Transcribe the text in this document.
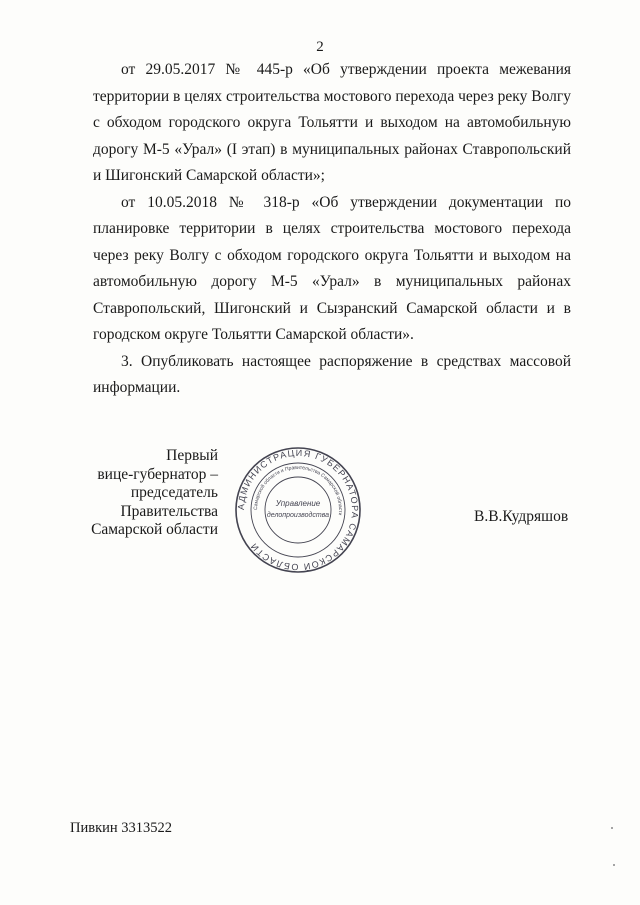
2

от 29.05.2017 № 445-р «Об утверждении проекта межевания территории в целях строительства мостового перехода через реку Волгу с обходом городского округа Тольятти и выходом на автомобильную дорогу М-5 «Урал» (I этап) в муниципальных районах Ставропольский и Шигонский Самарской области»;

от 10.05.2018 № 318-р «Об утверждении документации по планировке территории в целях строительства мостового перехода через реку Волгу с обходом городского округа Тольятти и выходом на автомобильную дорогу М-5 «Урал» в муниципальных районах Ставропольский, Шигонский и Сызранский Самарской области и в городском округе Тольятти Самарской области».

3. Опубликовать настоящее распоряжение в средствах массовой информации.

Первый
вице-губернатор –
председатель Правительства
Самарской области
АДМИНИСТРАЦИЯ ГУБЕРНАТОРА САМАРСКОЙ ОБЛАСТИ
Самарской области и Правительства Самарской области
Управление
делопроизводства	В.В.Кудряшов
Пивкин 3313522
